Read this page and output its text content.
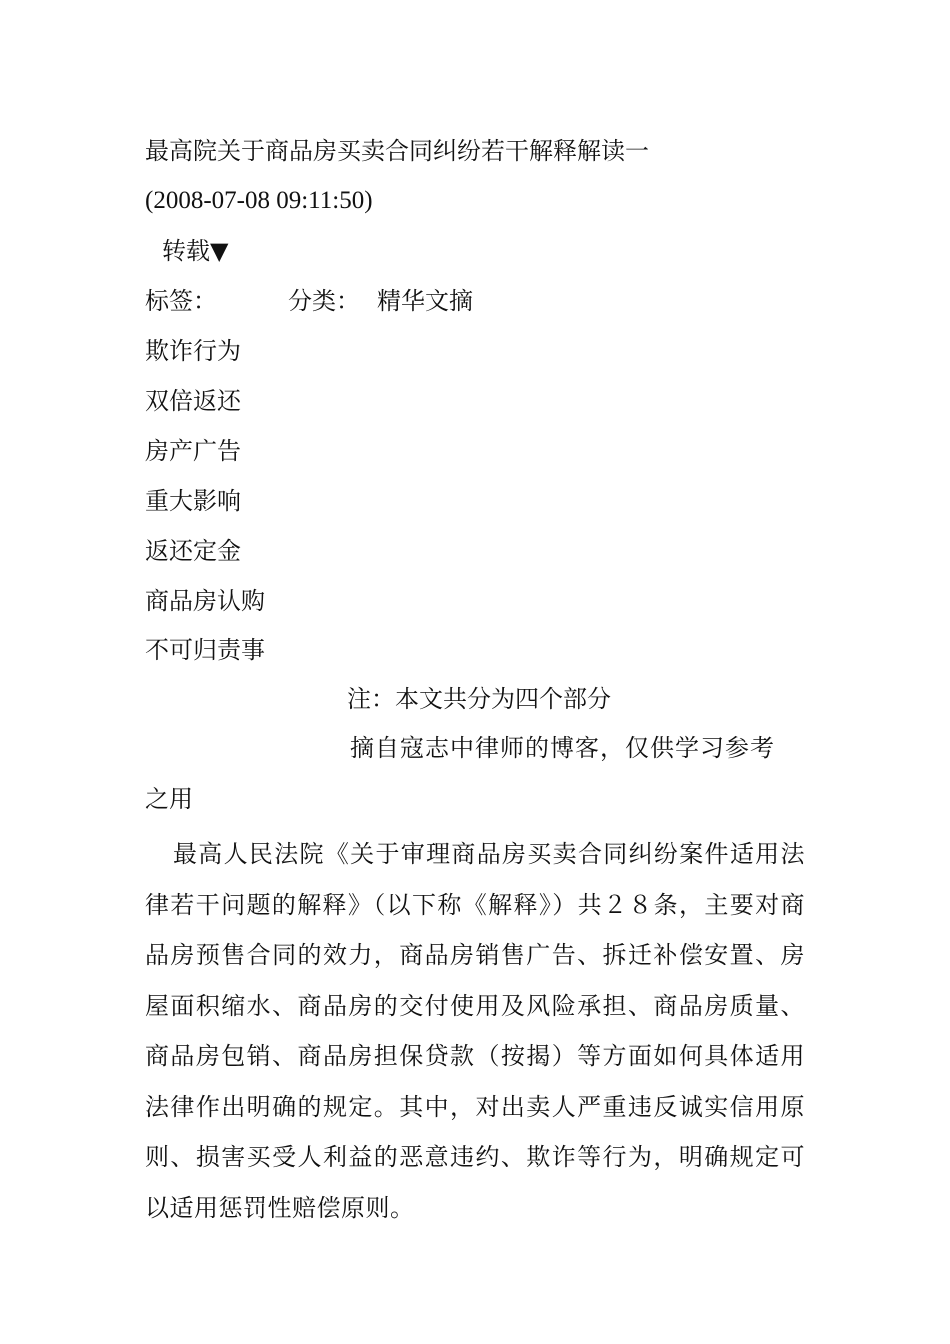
最高院关于商品房买卖合同纠纷若干解释解读一
(2008-07-08 09:11:50)
转载▼
标签：	分类： 精华文摘
欺诈行为
双倍返还
房产广告
重大影响
返还定金
商品房认购
不可归责事
注：本文共分为四个部分
摘自寇志中律师的博客，仅供学习参考
之用
最高人民法院《关于审理商品房买卖合同纠纷案件适用法律若干问题的解释》（以下称《解释》）共２８条，主要对商品房预售合同的效力，商品房销售广告、拆迁补偿安置、房屋面积缩水、商品房的交付使用及风险承担、商品房质量、商品房包销、商品房担保贷款（按揭）等方面如何具体适用法律作出明确的规定。其中，对出卖人严重违反诚实信用原则、损害买受人利益的恶意违约、欺诈等行为，明确规定可以适用惩罚性赔偿原则。
